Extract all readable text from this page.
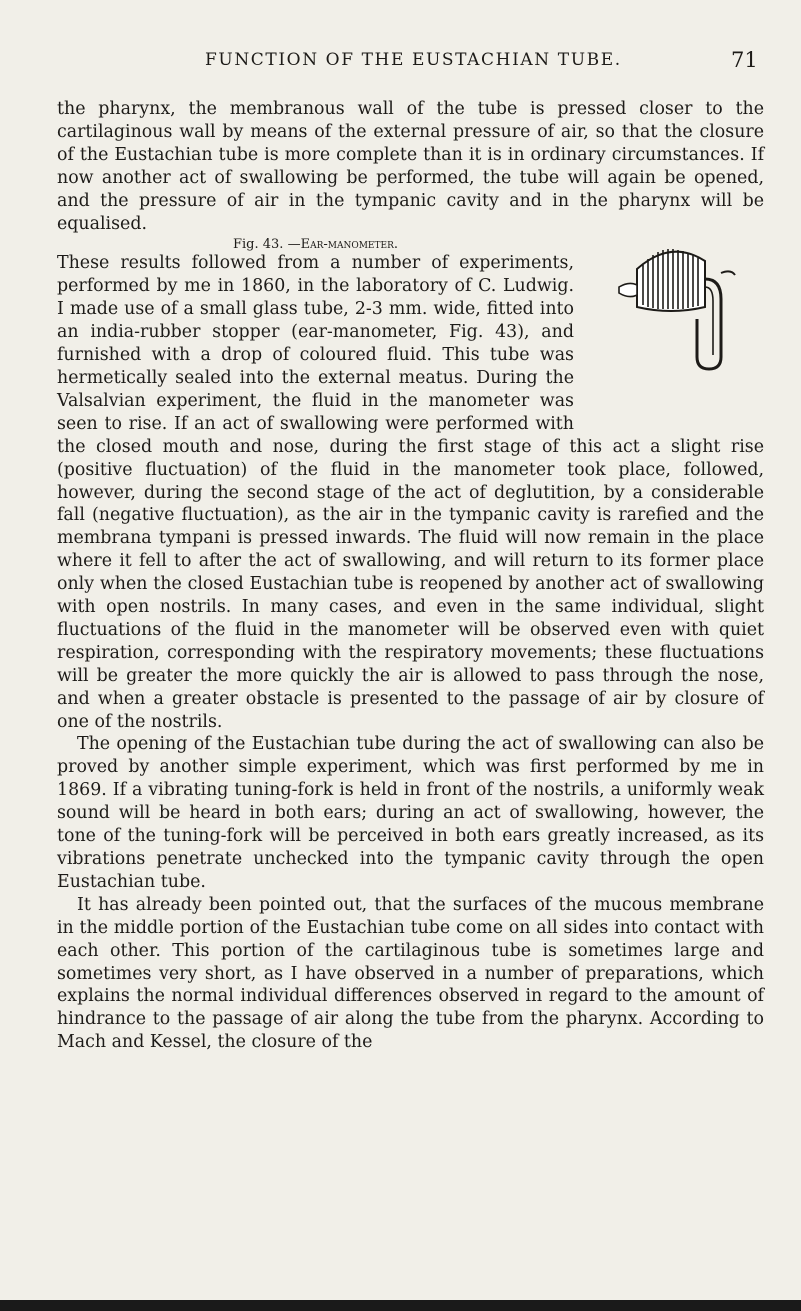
FUNCTION OF THE EUSTACHIAN TUBE.	71

the pharynx, the membranous wall of the tube is pressed closer to the cartilaginous wall by means of the external pressure of air, so that the closure of the Eustachian tube is more complete than it is in ordinary circumstances. If now another act of swallowing be performed, the tube will again be opened, and the pressure of air in the tympanic cavity and in the pharynx will be equalised.

Fig. 43. —Ear-manometer.
These results followed from a number of experiments, performed by me in 1860, in the laboratory of C. Ludwig. I made use of a small glass tube, 2-3 mm. wide, fitted into an india-rubber stopper (ear-manometer, Fig. 43), and furnished with a drop of coloured fluid. This tube was hermetically sealed into the external meatus. During the Valsalvian experiment, the fluid in the manometer was seen to rise. If an act of swallowing were performed with the closed mouth and nose, during the first stage of this act a slight rise (positive fluctuation) of the fluid in the manometer took place, followed, however, during the second stage of the act of deglutition, by a considerable fall (negative fluctuation), as the air in the tympanic cavity is rarefied and the membrana tympani is pressed inwards. The fluid will now remain in the place where it fell to after the act of swallowing, and will return to its former place only when the closed Eustachian tube is reopened by another act of swallowing with open nostrils. In many cases, and even in the same individual, slight fluctuations of the fluid in the manometer will be observed even with quiet respiration, corresponding with the respiratory movements; these fluctuations will be greater the more quickly the air is allowed to pass through the nose, and when a greater obstacle is presented to the passage of air by closure of one of the nostrils.

The opening of the Eustachian tube during the act of swallowing can also be proved by another simple experiment, which was first performed by me in 1869. If a vibrating tuning-fork is held in front of the nostrils, a uniformly weak sound will be heard in both ears; during an act of swallowing, however, the tone of the tuning-fork will be perceived in both ears greatly increased, as its vibrations penetrate unchecked into the tympanic cavity through the open Eustachian tube.

It has already been pointed out, that the surfaces of the mucous membrane in the middle portion of the Eustachian tube come on all sides into contact with each other. This portion of the cartilaginous tube is sometimes large and sometimes very short, as I have observed in a number of preparations, which explains the normal individual differences observed in regard to the amount of hindrance to the passage of air along the tube from the pharynx. According to Mach and Kessel, the closure of the
